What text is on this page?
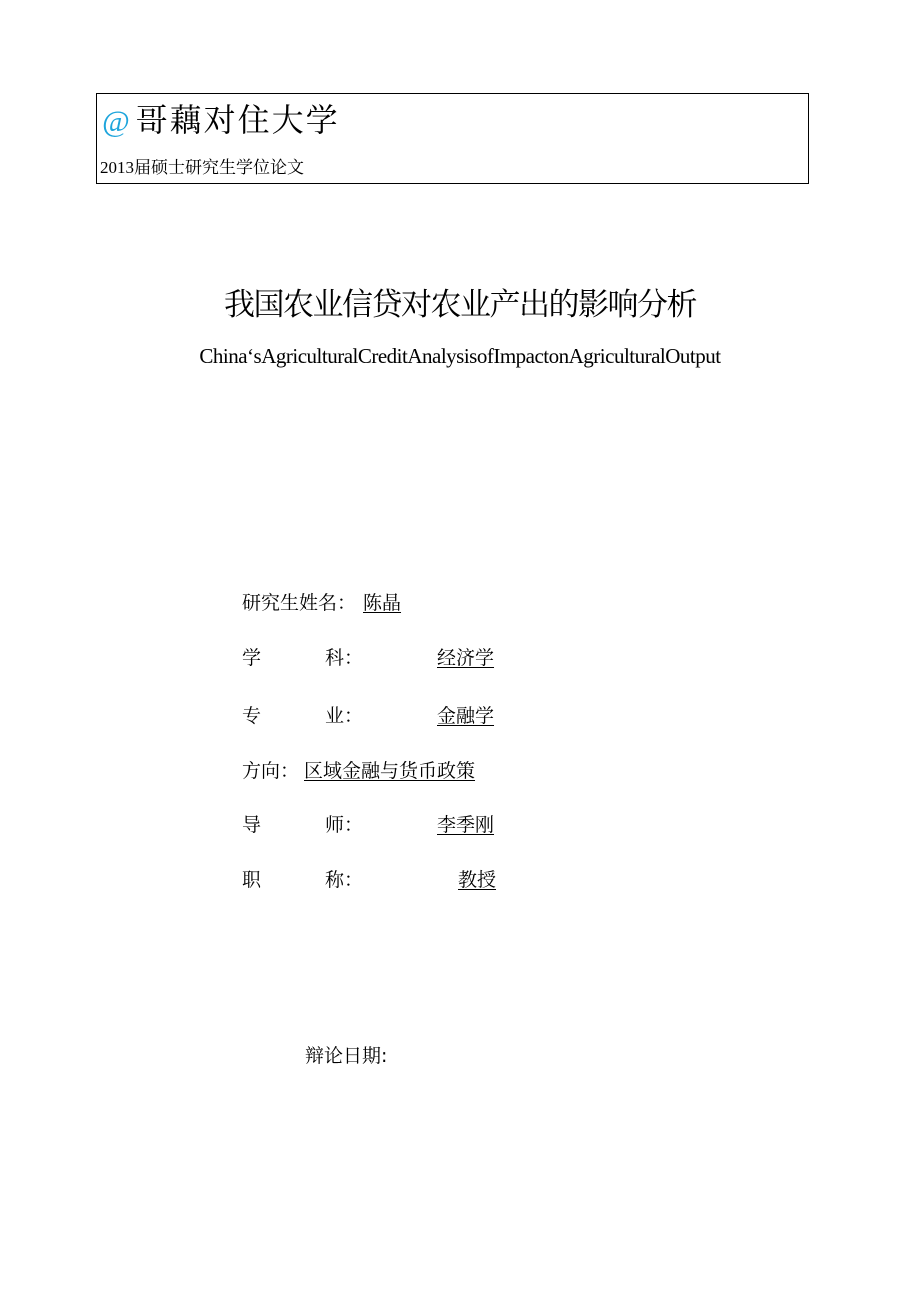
@ 哥藕对住大学
2013届硕士研究生学位论文
我国农业信贷对农业产出的影响分析
China‘sAgriculturalCreditAnalysisofImpactonAgriculturalOutput
研究生姓名： 陈晶
学	科：	经济学
专	业：	金融学
方向： 区域金融与货币政策
导	师：	李季刚
职	称：	教授
辩论日期:
